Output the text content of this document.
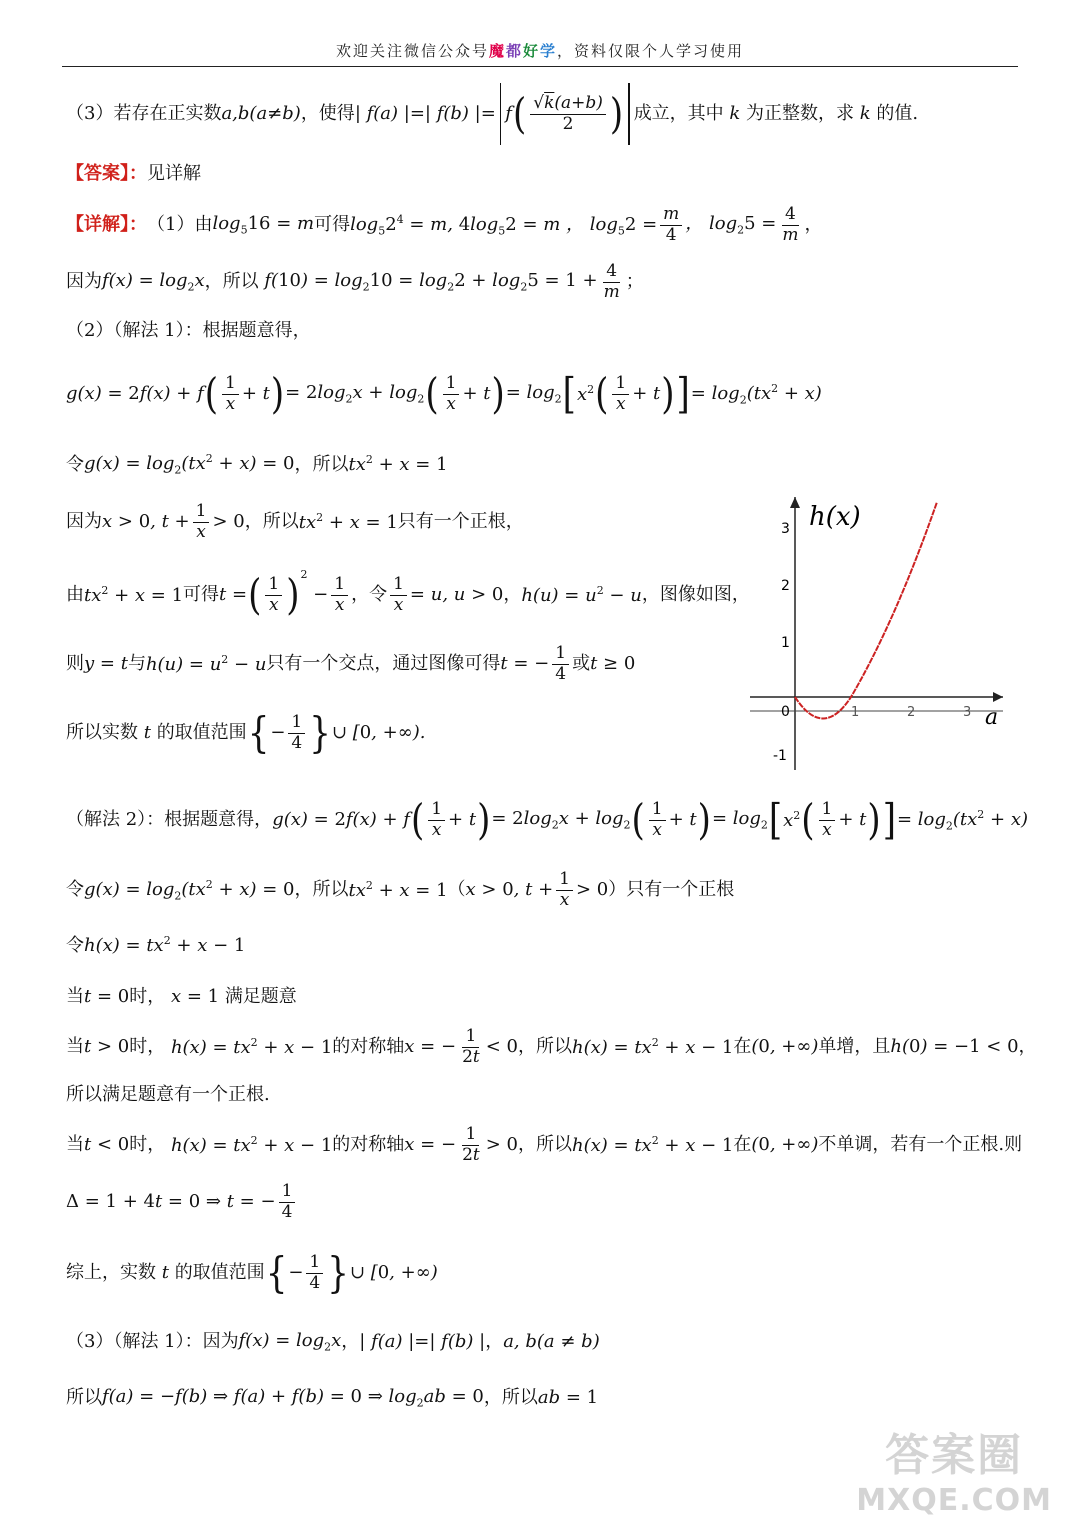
欢迎关注微信公众号魔都好学，资料仅限个人学习使用
（3）若存在正实数 a,b(a≠b) ，使得 | f(a) |=| f(b) |= f ( $\frac{√k(a+b)}{2}$ ) 成立，其中 k 为正整数，求 k 的值.
【答案】： 见详解
【详解】： （1）由 $\log_516 = m$ 可得 $\log_52^4 = m$, $4\log_52 = m$ ， $\log_52 = \frac{m}{4}$ ， $\log_25 = \frac{4}{m}$ ，
因为 $f(x) = \log_2x$ ，所以 $f(10) = \log_210 = \log_22 + \log_25 = 1 + \frac{4}{m}$ ；
（2）（解法 1）：根据题意得，
g(x) = 2f(x) + f ( $\frac{1}{x} + t$ ) = $2\log_2x + \log_2$ ( $\frac{1}{x} + t$ ) = $\log_2$ [ $x^2$ ( $\frac{1}{x} + t$ ) ] = $\log_2(tx^2 + x)$
令 $g(x) = \log_2(tx^2 + x) = 0$ ，所以 $tx^2 + x = 1$
因为 x > 0, $t + \frac{1}{x} > 0$ ，所以 $tx^2 + x = 1$ 只有一个正根，
由 $tx^2 + x = 1$ 可得 t = ( $\frac{1}{x} )^2$
− $\frac{1}{x}$ ，令 $\frac{1}{x} = u$, u > 0 ， $h(u) = u^2 - u$ ，图像如图，
则 y = t 与 $h(u) = u^2 - u$ 只有一个交点，通过图像可得 t = − $\frac{1}{4}$ 或 t ≥ 0
所以实数 t 的取值范围 { − $\frac{1}{4}$ } ∪ [0, +∞).
h(x)
a
3
2
1
-1
0	1	2	3
（解法 2）：根据题意得， g(x) = 2f(x) + f ( $\frac{1}{x} + t$ ) = $2\log_2x + \log_2$ ( $\frac{1}{x} + t$ ) = $\log_2$ [ $x^2$ ( $\frac{1}{x} + t$ ) ] = $\log_2(tx^2 + x)$
令 $g(x) = \log_2(tx^2 + x) = 0$ ，所以 $tx^2 + x = 1$ （ x > 0, $t + \frac{1}{x} > 0$ ） 只有一个正根
令 $h(x) = tx^2 + x - 1$
当 t = 0 时， x = 1 满足题意
当 t > 0 时， $h(x) = tx^2 + x - 1$ 的对称轴 x = − $\frac{1}{2t} < 0$ ，所以 $h(x) = tx^2 + x - 1$ 在 (0, +∞) 单增，且 h(0) = −1 < 0 ，
所以满足题意有一个正根.
当 t < 0 时， $h(x) = tx^2 + x - 1$ 的对称轴 x = − $\frac{1}{2t} > 0$ ，所以 $h(x) = tx^2 + x - 1$ 在 (0, +∞) 不单调，若有一个正根.则
Δ = 1 + 4t = 0 ⇒ t = − $\frac{1}{4}$
综上，实数 t 的取值范围 { − $\frac{1}{4}$ } ∪ [0, +∞)
（3）（解法 1）：因为 $f(x) = \log_2x$ ， | f(a) |=| f(b) | ， a, b(a ≠ b)
所以 f(a) = −f(b) ⇒ f(a) + f(b) = 0 ⇒ $\log_2ab = 0$ ，所以 ab = 1
答案圈
MXQE.COM
